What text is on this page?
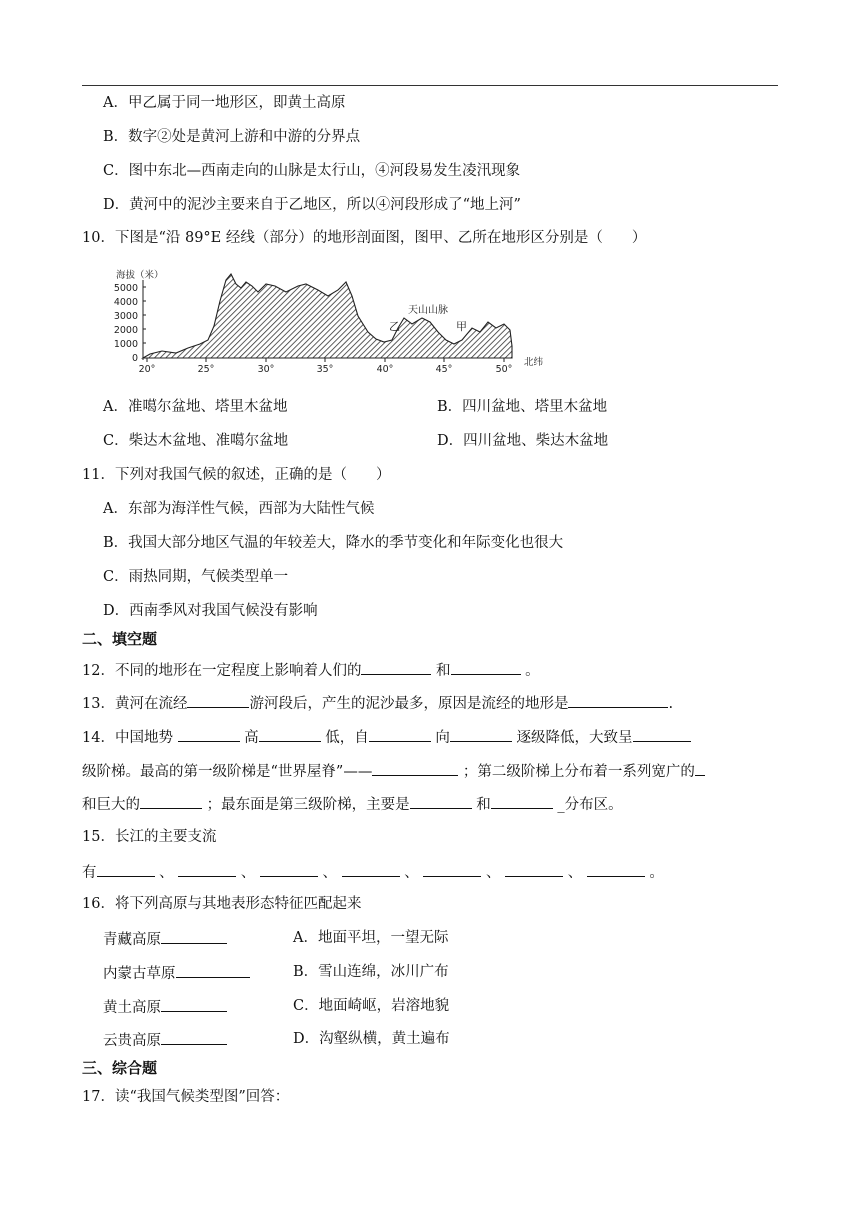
A．甲乙属于同一地形区，即黄土高原
B．数字②处是黄河上游和中游的分界点
C．图中东北—西南走向的山脉是太行山，④河段易发生凌汛现象
D．黄河中的泥沙主要来自于乙地区，所以④河段形成了“地上河”
10．下图是“沿 89°E 经线（部分）的地形剖面图，图甲、乙所在地形区分别是（　　）
海拔（米）
5000
4000
3000
2000
1000
0
天山山脉
乙	甲
20°	25°	30°	35°	40°	45°	50°
北纬
A．准噶尔盆地、塔里木盆地	B．四川盆地、塔里木盆地
C．柴达木盆地、准噶尔盆地	D．四川盆地、柴达木盆地
11．下列对我国气候的叙述，正确的是（　　）
A．东部为海洋性气候，西部为大陆性气候
B．我国大部分地区气温的年较差大，降水的季节变化和年际变化也很大
C．雨热同期，气候类型单一
D．西南季风对我国气候没有影响
二、填空题
12．不同的地形在一定程度上影响着人们的	和	。
13．黄河在流经	游河段后，产生的泥沙最多，原因是流经的地形是	.
14．中国地势	高	低，自	向	逐级降低，大致呈
级阶梯。最高的第一级阶梯是“世界屋脊”——	；第二级阶梯上分布着一系列宽广的
和巨大的	；最东面是第三级阶梯，主要是	和	_分布区。
15．长江的主要支流
有	、	、	、	、	、	、	。
16．将下列高原与其地表形态特征匹配起来
青藏高原	A．地面平坦，一望无际
内蒙古草原	B．雪山连绵，冰川广布
黄土高原	C．地面崎岖，岩溶地貌
云贵高原	D．沟壑纵横，黄土遍布
三、综合题
17．读“我国气候类型图”回答：
